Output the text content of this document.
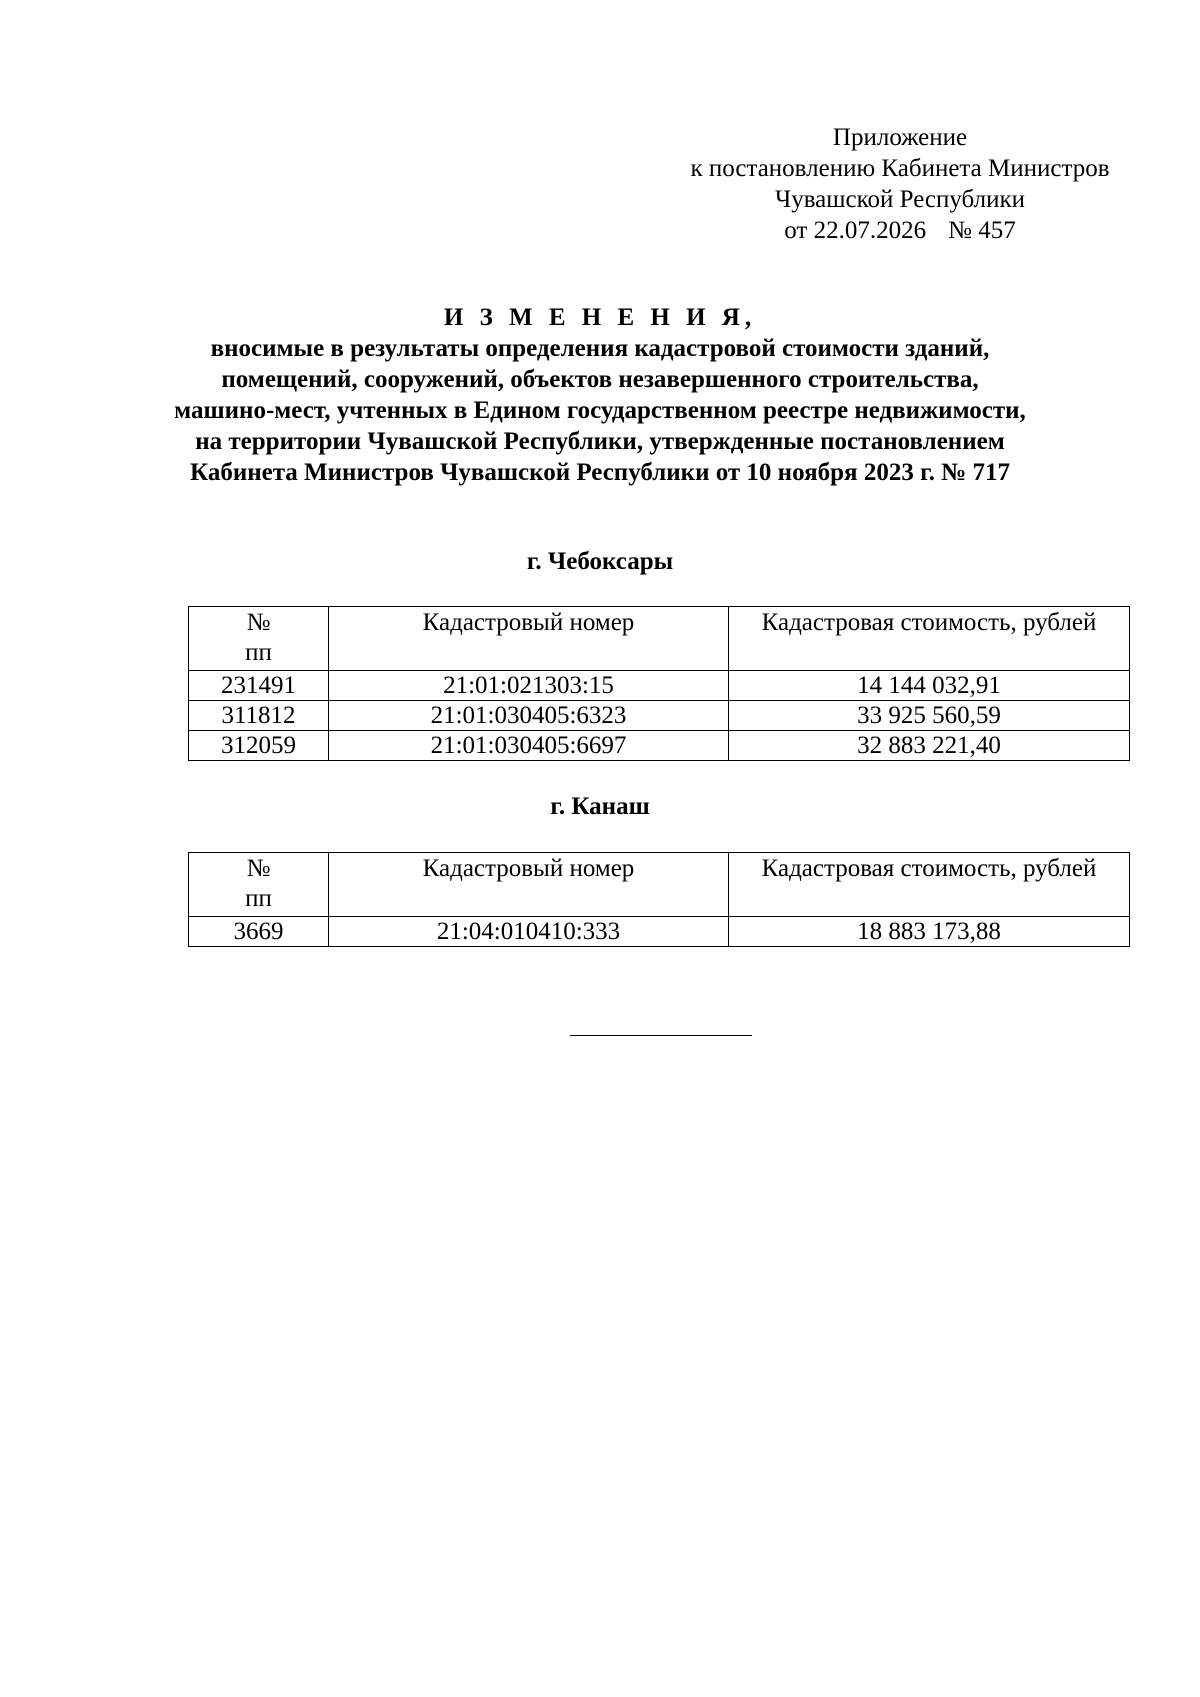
Приложение
к постановлению Кабинета Министров
Чувашской Республики
от 22.07.2026 № 457
И З М Е Н Е Н И Я,
вносимые в результаты определения кадастровой стоимости зданий,
помещений, сооружений, объектов незавершенного строительства,
машино-мест, учтенных в Едином государственном реестре недвижимости,
на территории Чувашской Республики, утвержденные постановлением
Кабинета Министров Чувашской Республики от 10 ноября 2023 г. № 717
г. Чебоксары
№
пп	Кадастровый номер	Кадастровая стоимость, рублей
231491	21:01:021303:15	14 144 032,91
311812	21:01:030405:6323	33 925 560,59
312059	21:01:030405:6697	32 883 221,40
г. Канаш
№
пп	Кадастровый номер	Кадастровая стоимость, рублей
3669	21:04:010410:333	18 883 173,88
